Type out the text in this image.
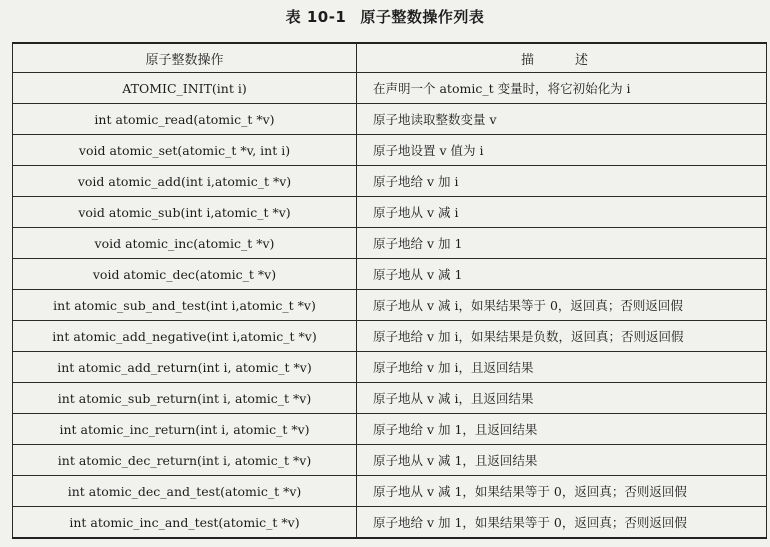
表 10-1 原子整数操作列表
原子整数操作	描　述
ATOMIC_INIT(int i)	在声明一个 atomic_t 变量时，将它初始化为 i
int atomic_read(atomic_t *v)	原子地读取整数变量 v
void atomic_set(atomic_t *v, int i)	原子地设置 v 值为 i
void atomic_add(int i,atomic_t *v)	原子地给 v 加 i
void atomic_sub(int i,atomic_t *v)	原子地从 v 减 i
void atomic_inc(atomic_t *v)	原子地给 v 加 1
void atomic_dec(atomic_t *v)	原子地从 v 减 1
int atomic_sub_and_test(int i,atomic_t *v)	原子地从 v 减 i，如果结果等于 0，返回真；否则返回假
int atomic_add_negative(int i,atomic_t *v)	原子地给 v 加 i，如果结果是负数，返回真；否则返回假
int atomic_add_return(int i, atomic_t *v)	原子地给 v 加 i，且返回结果
int atomic_sub_return(int i, atomic_t *v)	原子地从 v 减 i，且返回结果
int atomic_inc_return(int i, atomic_t *v)	原子地给 v 加 1，且返回结果
int atomic_dec_return(int i, atomic_t *v)	原子地从 v 减 1，且返回结果
int atomic_dec_and_test(atomic_t *v)	原子地从 v 减 1，如果结果等于 0，返回真；否则返回假
int atomic_inc_and_test(atomic_t *v)	原子地给 v 加 1，如果结果等于 0，返回真；否则返回假
